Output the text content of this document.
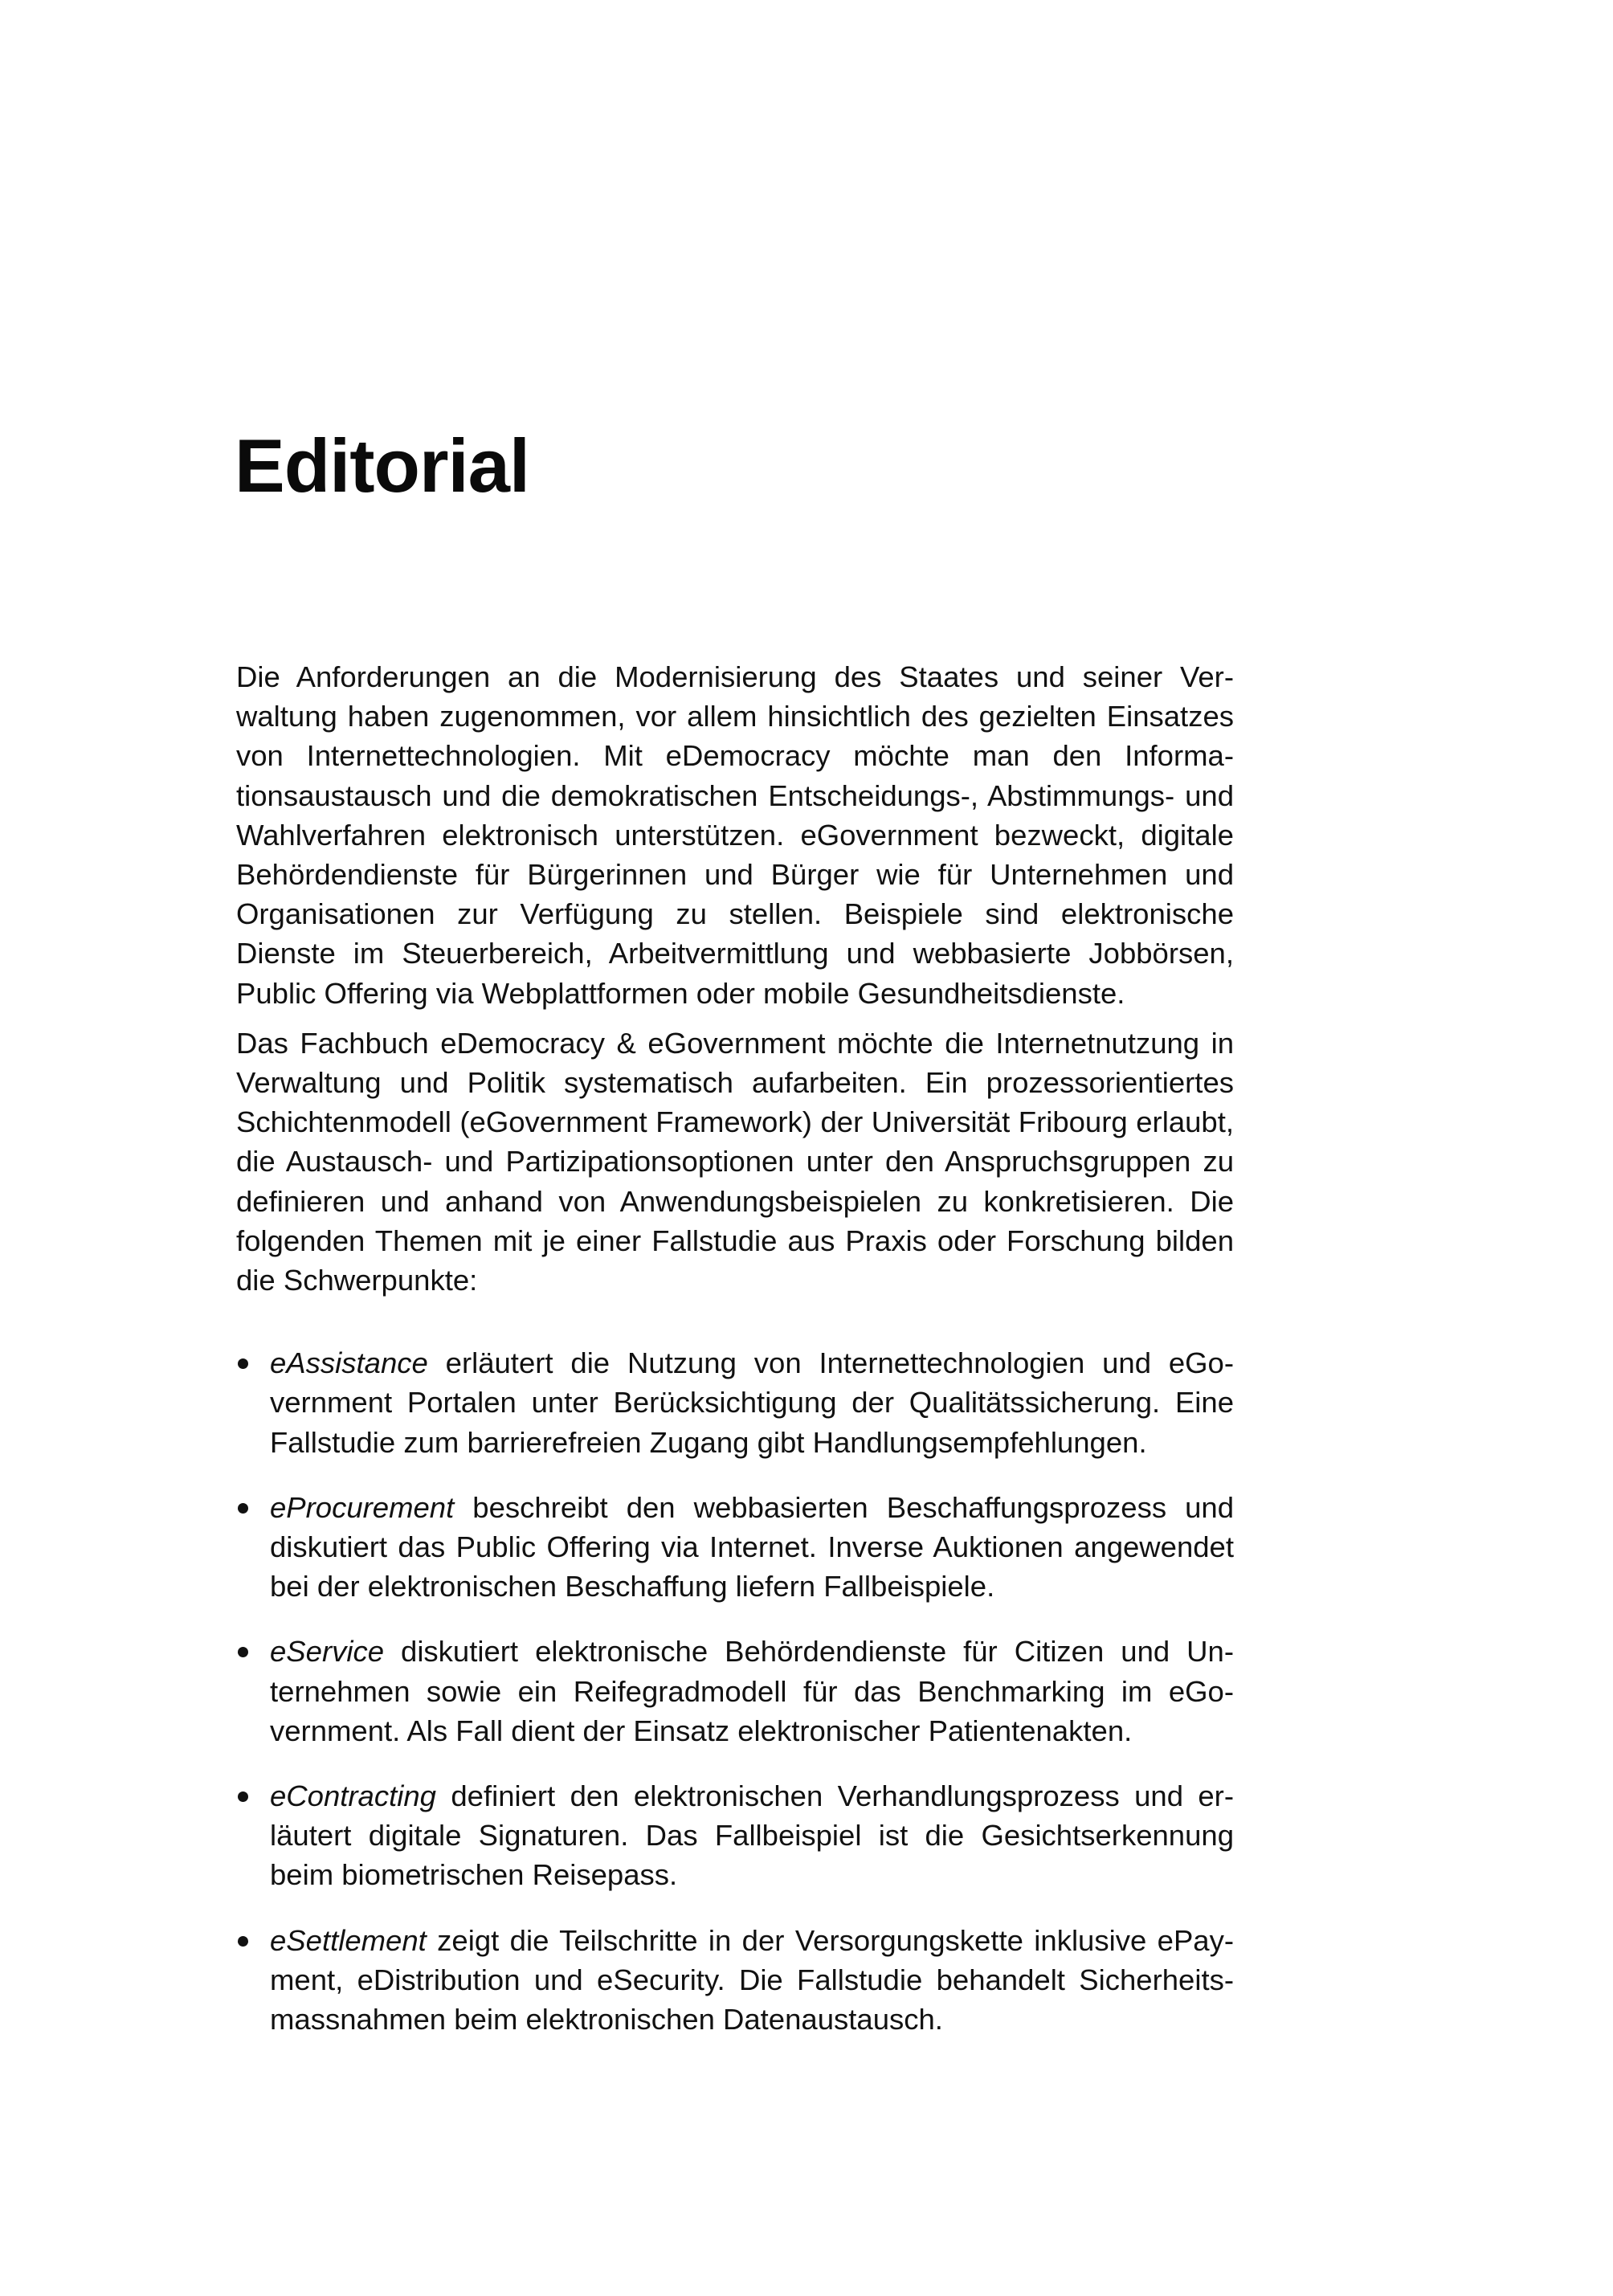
Editorial

Die Anforderungen an die Modernisierung des Staates und seiner Verwaltung haben zugenommen, vor allem hinsichtlich des gezielten Einsatzes von Internettechnologien. Mit eDemocracy möchte man den Informationsaustausch und die demokratischen Entscheidungs-, Abstimmungs- und Wahlverfahren elektronisch unterstützen. eGovernment bezweckt, digitale Behördendienste für Bürgerinnen und Bürger wie für Unternehmen und Organisationen zur Verfügung zu stellen. Beispiele sind elektronische Dienste im Steuerbereich, Arbeitvermittlung und webbasierte Jobbörsen, Public Offering via Webplattformen oder mobile Gesundheitsdienste.

Das Fachbuch eDemocracy & eGovernment möchte die Internetnutzung in Verwaltung und Politik systematisch aufarbeiten. Ein prozessorientiertes Schichtenmodell (eGovernment Framework) der Universität Fribourg erlaubt, die Austausch- und Partizipationsoptionen unter den Anspruchsgruppen zu definieren und anhand von Anwendungsbeispielen zu konkretisieren. Die folgenden Themen mit je einer Fallstudie aus Praxis oder Forschung bilden die Schwerpunkte:

eAssistance erläutert die Nutzung von Internettechnologien und eGovernment Portalen unter Berücksichtigung der Qualitätssicherung. Eine Fallstudie zum barrierefreien Zugang gibt Handlungsempfehlungen.
eProcurement beschreibt den webbasierten Beschaffungsprozess und diskutiert das Public Offering via Internet. Inverse Auktionen angewendet bei der elektronischen Beschaffung liefern Fallbeispiele.
eService diskutiert elektronische Behördendienste für Citizen und Unternehmen sowie ein Reifegradmodell für das Benchmarking im eGovernment. Als Fall dient der Einsatz elektronischer Patientenakten.
eContracting definiert den elektronischen Verhandlungsprozess und erläutert digitale Signaturen. Das Fallbeispiel ist die Gesichtserkennung beim biometrischen Reisepass.
eSettlement zeigt die Teilschritte in der Versorgungskette inklusive ePayment, eDistribution und eSecurity. Die Fallstudie behandelt Sicherheitsmassnahmen beim elektronischen Datenaustausch.
